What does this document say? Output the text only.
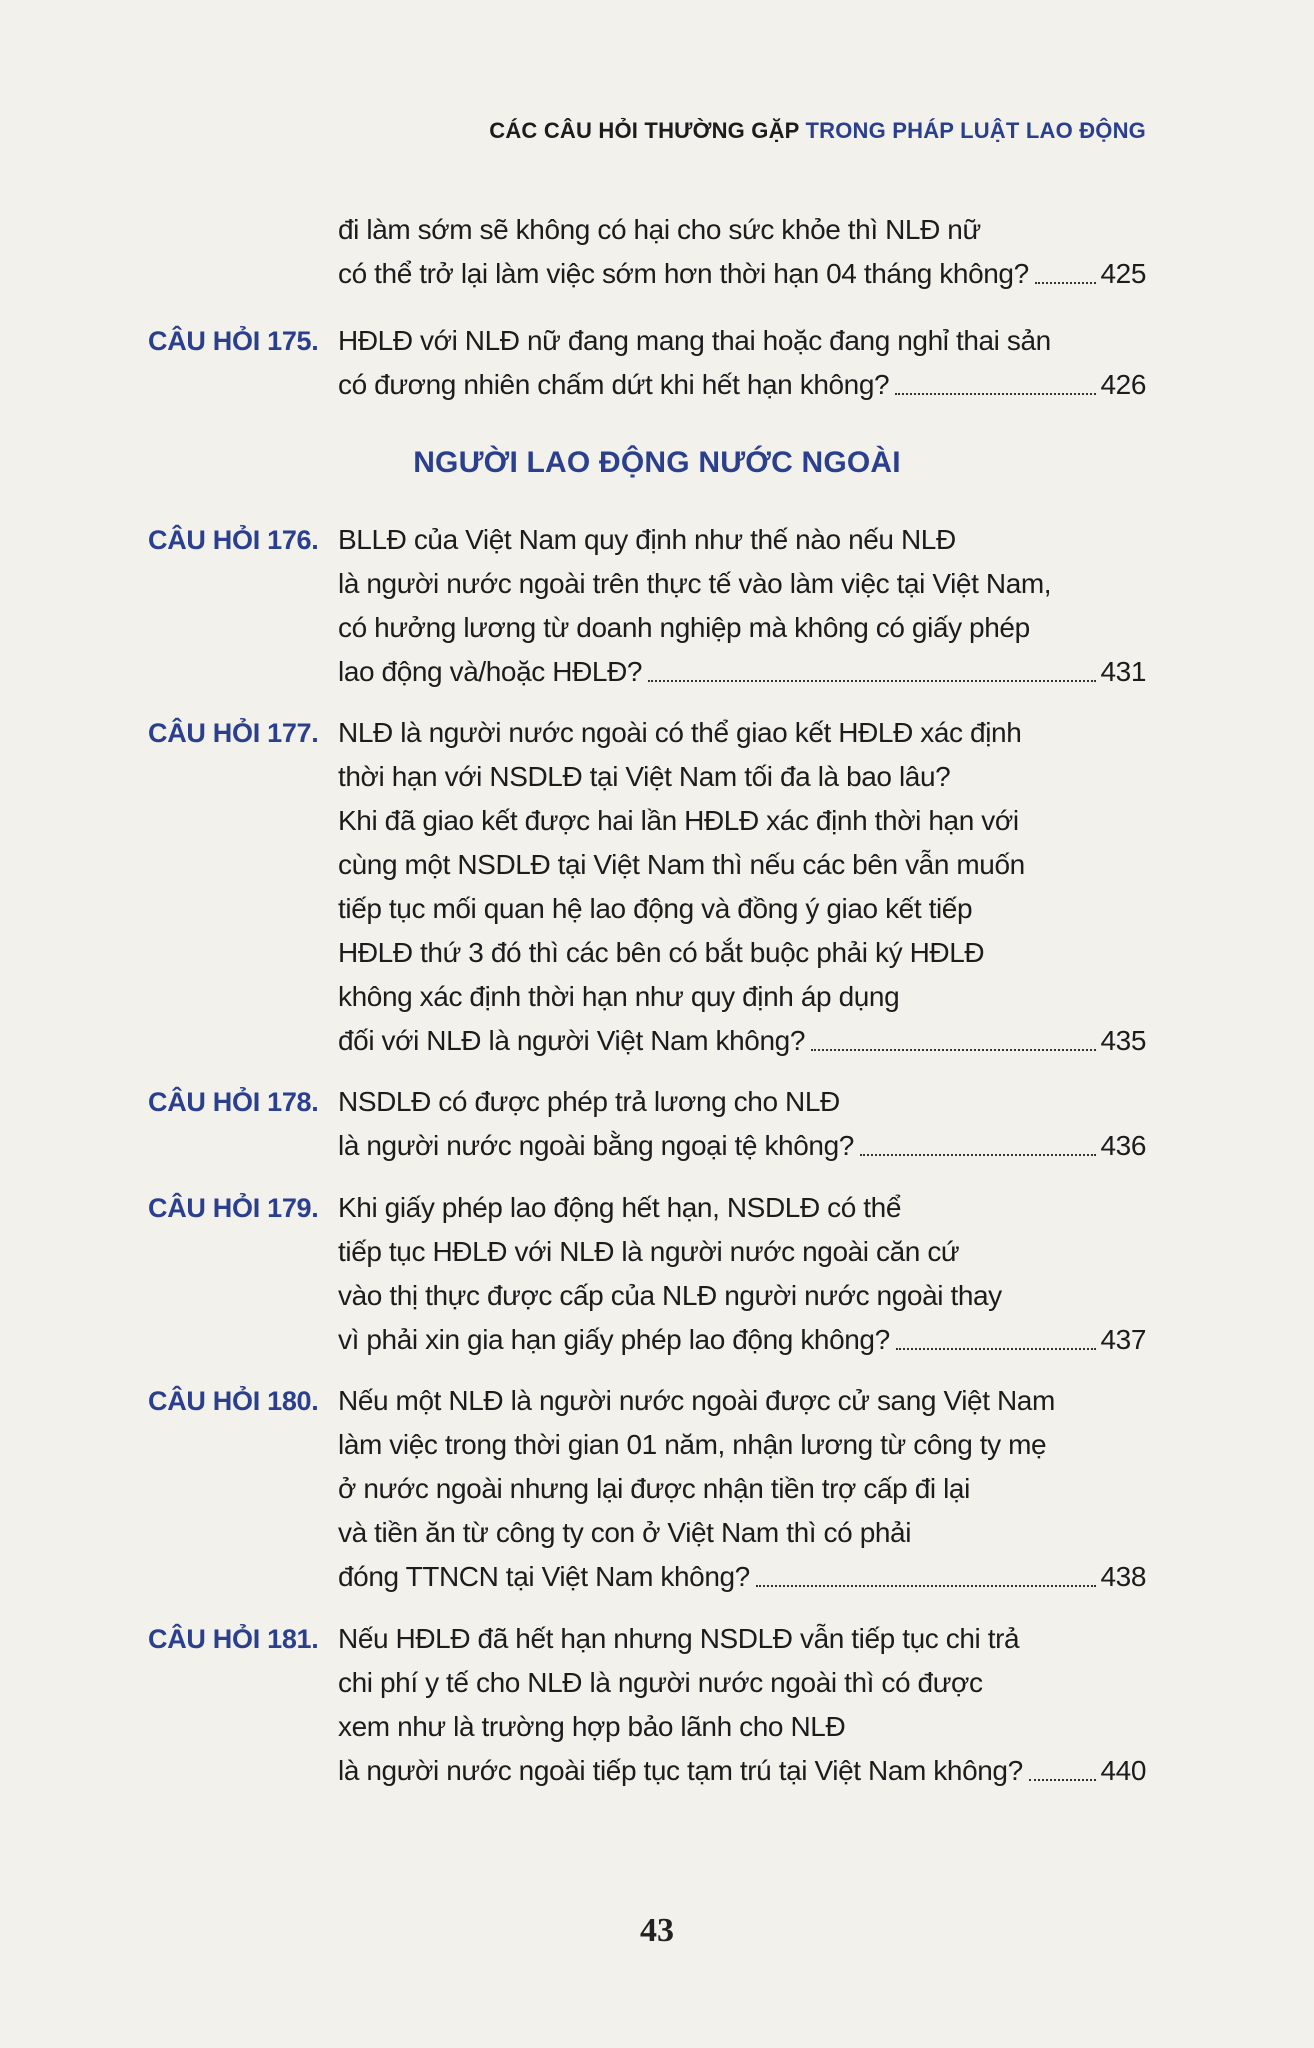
CÁC CÂU HỎI THƯỜNG GẶP TRONG PHÁP LUẬT LAO ĐỘNG
đi làm sớm sẽ không có hại cho sức khỏe thì NLĐ nữ
có thể trở lại làm việc sớm hơn thời hạn 04 tháng không?	425
CÂU HỎI 175. HĐLĐ với NLĐ nữ đang mang thai hoặc đang nghỉ thai sản
có đương nhiên chấm dứt khi hết hạn không?	426
NGƯỜI LAO ĐỘNG NƯỚC NGOÀI
CÂU HỎI 176. BLLĐ của Việt Nam quy định như thế nào nếu NLĐ
là người nước ngoài trên thực tế vào làm việc tại Việt Nam,
có hưởng lương từ doanh nghiệp mà không có giấy phép
lao động và/hoặc HĐLĐ?	431
CÂU HỎI 177. NLĐ là người nước ngoài có thể giao kết HĐLĐ xác định
thời hạn với NSDLĐ tại Việt Nam tối đa là bao lâu?
Khi đã giao kết được hai lần HĐLĐ xác định thời hạn với
cùng một NSDLĐ tại Việt Nam thì nếu các bên vẫn muốn
tiếp tục mối quan hệ lao động và đồng ý giao kết tiếp
HĐLĐ thứ 3 đó thì các bên có bắt buộc phải ký HĐLĐ
không xác định thời hạn như quy định áp dụng
đối với NLĐ là người Việt Nam không?	435
CÂU HỎI 178. NSDLĐ có được phép trả lương cho NLĐ
là người nước ngoài bằng ngoại tệ không?	436
CÂU HỎI 179. Khi giấy phép lao động hết hạn, NSDLĐ có thể
tiếp tục HĐLĐ với NLĐ là người nước ngoài căn cứ
vào thị thực được cấp của NLĐ người nước ngoài thay
vì phải xin gia hạn giấy phép lao động không?	437
CÂU HỎI 180. Nếu một NLĐ là người nước ngoài được cử sang Việt Nam
làm việc trong thời gian 01 năm, nhận lương từ công ty mẹ
ở nước ngoài nhưng lại được nhận tiền trợ cấp đi lại
và tiền ăn từ công ty con ở Việt Nam thì có phải
đóng TTNCN tại Việt Nam không?	438
CÂU HỎI 181. Nếu HĐLĐ đã hết hạn nhưng NSDLĐ vẫn tiếp tục chi trả
chi phí y tế cho NLĐ là người nước ngoài thì có được
xem như là trường hợp bảo lãnh cho NLĐ
là người nước ngoài tiếp tục tạm trú tại Việt Nam không?	440
43
